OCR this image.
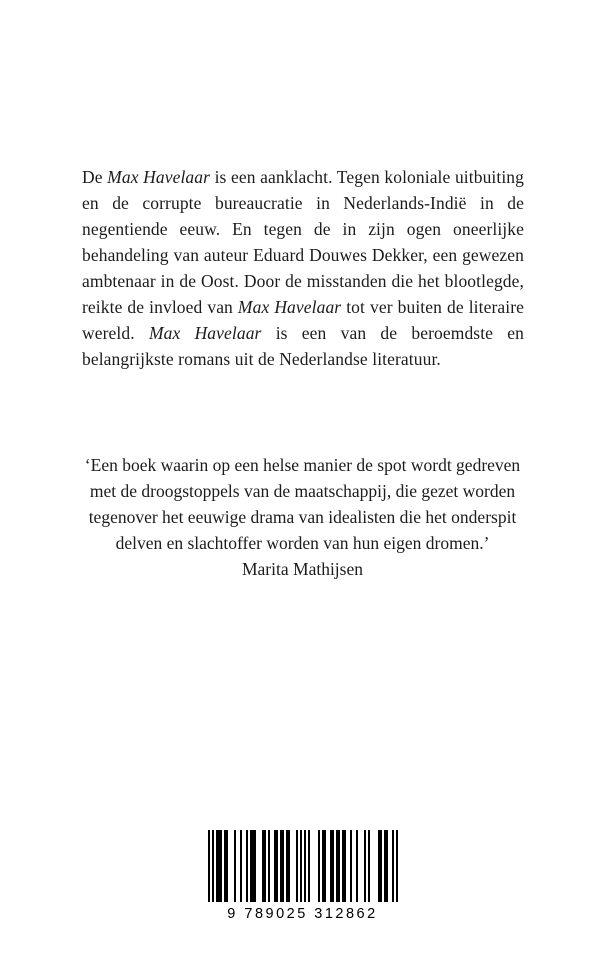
De Max Havelaar is een aanklacht. Tegen koloniale uitbuiting en de corrupte bureaucratie in Nederlands-Indië in de negentiende eeuw. En tegen de in zijn ogen oneerlijke behandeling van auteur Eduard Douwes Dekker, een gewezen ambtenaar in de Oost. Door de misstanden die het blootlegde, reikte de invloed van Max Havelaar tot ver buiten de literaire wereld. Max Havelaar is een van de beroemdste en belangrijkste romans uit de Nederlandse literatuur.

‘Een boek waarin op een helse manier de spot wordt gedreven met de droogstoppels van de maatschappij, die gezet worden tegenover het eeuwige drama van idealisten die het onderspit delven en slachtoffer worden van hun eigen dromen.’

Marita Mathijsen

9 789025 312862
